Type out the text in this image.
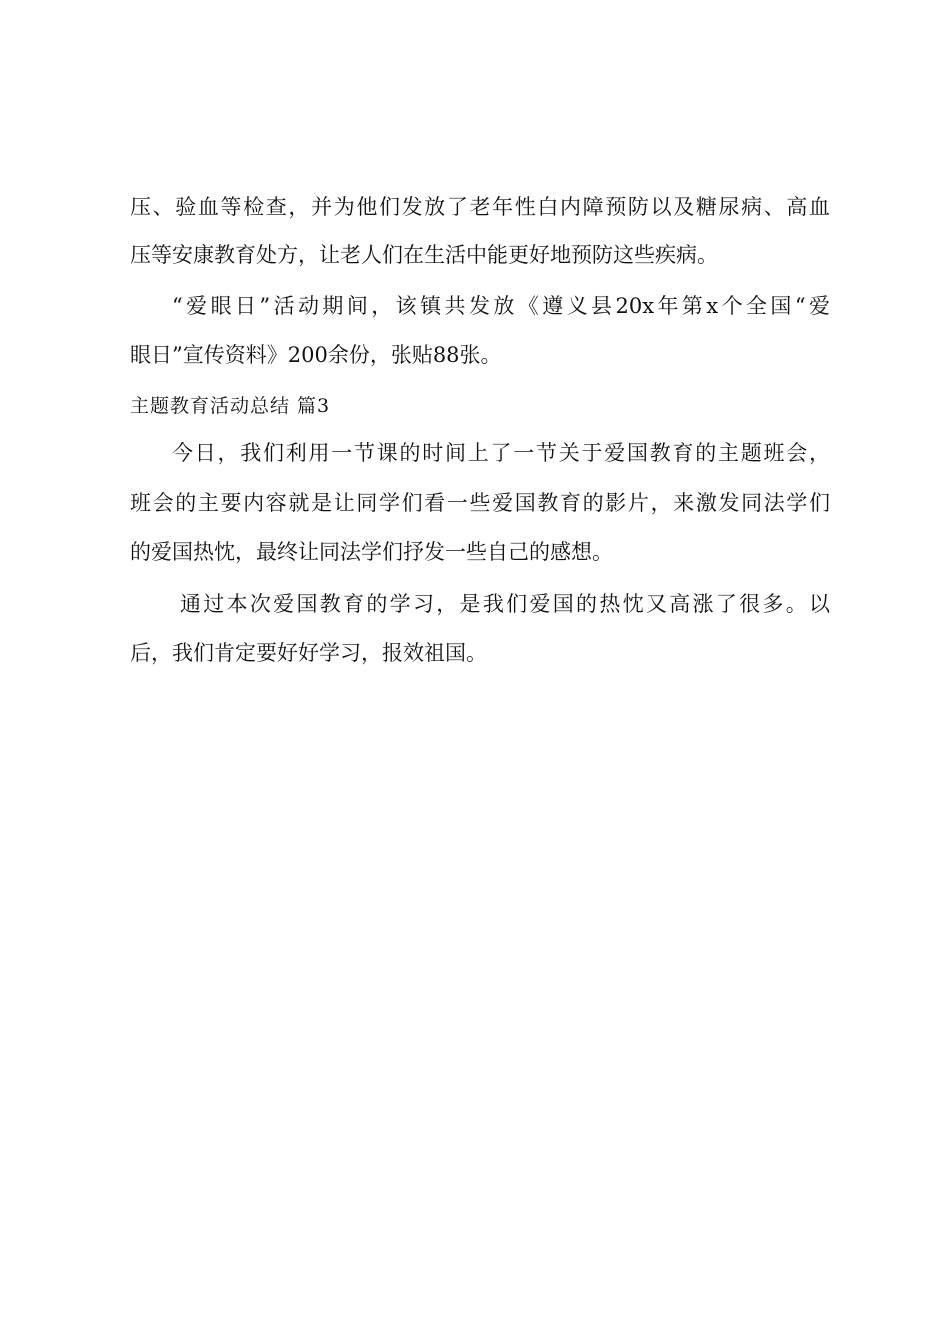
压、验血等检查，并为他们发放了老年性白内障预防以及糖尿病、高血
压等安康教育处方，让老人们在生活中能更好地预防这些疾病。
“爱眼日”活动期间，该镇共发放《遵义县20x年第x个全国“爱
眼日”宣传资料》200余份，张贴88张。
主题教育活动总结 篇3
今日，我们利用一节课的时间上了一节关于爱国教育的主题班会，
班会的主要内容就是让同学们看一些爱国教育的影片，来激发同法学们
的爱国热忱，最终让同法学们抒发一些自己的感想。
通过本次爱国教育的学习，是我们爱国的热忱又高涨了很多。以
后，我们肯定要好好学习，报效祖国。
